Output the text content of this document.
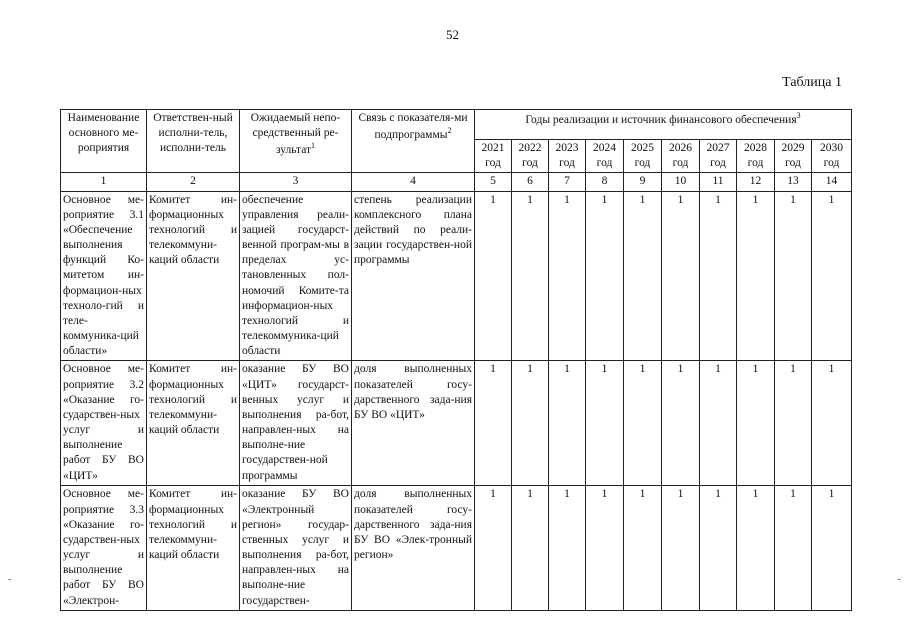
52
Таблица 1
-	-
Наименование основного ме-роприятия	Ответствен-ный исполни-тель, исполни-тель	Ожидаемый непо-средственный ре-зультат$^1$	Связь с показателя-ми подпрограммы$^2$	Годы реализации и источник финансового обеспечения$^3$
				2021 год	2022 год	2023 год	2024 год	2025 год	2026 год	2027 год	2028 год	2029 год	2030 год
1	2	3	4	5	6	7	8	9	10	11	12	13	14
Основное ме-роприятие 3.1 «Обеспечение выполнения функций Ко-митетом ин-формацион-ных техноло-гий и теле-коммуника-ций области»	Комитет ин-формационных технологий и телекоммуни-каций области	обеспечение управления реали-зацией государст-венной програм-мы в пределах ус-тановленных пол-номочий Комите-та информацион-ных технологий и телекоммуника-ций области	степень реализации комплексного плана действий по реали-зации государствен-ной программы	1	1	1	1	1	1	1	1	1	1
Основное ме-роприятие 3.2 «Оказание го-сударствен-ных услуг и выполнение работ БУ ВО «ЦИТ»	Комитет ин-формационных технологий и телекоммуни-каций области	оказание БУ ВО «ЦИТ» государст-венных услуг и выполнения ра-бот, направлен-ных на выполне-ние государствен-ной программы	доля выполненных показателей госу-дарственного зада-ния БУ ВО «ЦИТ»	1	1	1	1	1	1	1	1	1	1
Основное ме-роприятие 3.3 «Оказание го-сударствен-ных услуг и выполнение работ БУ ВО «Электрон-	Комитет ин-формационных технологий и телекоммуни-каций области	оказание БУ ВО «Электронный регион» государ-ственных услуг и выполнения ра-бот, направлен-ных на выполне-ние государствен-	доля выполненных показателей госу-дарственного зада-ния БУ ВО «Элек-тронный регион»	1	1	1	1	1	1	1	1	1	1
